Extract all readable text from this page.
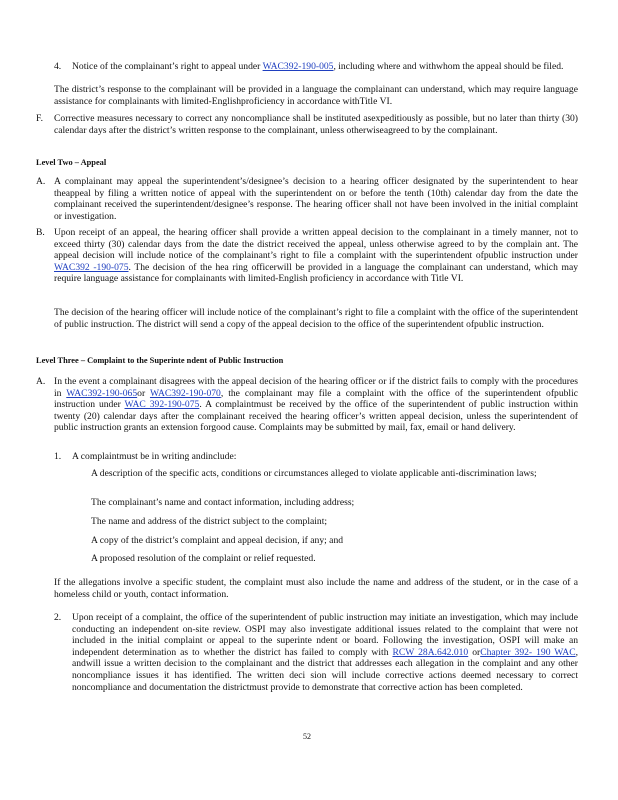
4. Notice of the complainant’s right to appeal under WAC392-190-005, including where and withwhom the appeal should be filed.

The district’s response to the complainant will be provided in a language the complainant can understand, which may require language assistance for complainants with limited-Englishproficiency in accordance withTitle VI.

F. Corrective measures necessary to correct any noncompliance shall be instituted asexpeditiously as possible, but no later than thirty (30) calendar days after the district’s written response to the complainant, unless otherwiseagreed to by the complainant.

Level Two – Appeal
A. A complainant may appeal the superintendent’s/designee’s decision to a hearing officer designated by the superintendent to hear theappeal by filing a written notice of appeal with the superintendent on or before the tenth (10th) calendar day from the date the complainant received the superintendent/designee’s response. The hearing officer shall not have been involved in the initial complaint or investigation.

B. Upon receipt of an appeal, the hearing officer shall provide a written appeal decision to the complainant in a timely manner, not to exceed thirty (30) calendar days from the date the district received the appeal, unless otherwise agreed to by the complain ant. The appeal decision will include notice of the complainant’s right to file a complaint with the superintendent ofpublic instruction under WAC392 -190-075. The decision of the hea ring officerwill be provided in a language the complainant can understand, which may require language assistance for complainants with limited-English proficiency in accordance with Title VI.

The decision of the hearing officer will include notice of the complainant’s right to file a complaint with the office of the superintendent of public instruction. The district will send a copy of the appeal decision to the office of the superintendent ofpublic instruction.

Level Three – Complaint to the Superinte ndent of Public Instruction
A. In the event a complainant disagrees with the appeal decision of the hearing officer or if the district fails to comply with the procedures in WAC392-190-065or WAC392-190-070, the complainant may file a complaint with the office of the superintendent ofpublic instruction under WAC 392-190-075. A complaintmust be received by the office of the superintendent of public instruction within twenty (20) calendar days after the complainant received the hearing officer’s written appeal decision, unless the superintendent of public instruction grants an extension forgood cause. Complaints may be submitted by mail, fax, email or hand delivery.

1. A complaintmust be in writing andinclude:

A description of the specific acts, conditions or circumstances alleged to violate applicable anti-discrimination laws;
The complainant’s name and contact information, including address;
The name and address of the district subject to the complaint;
A copy of the district’s complaint and appeal decision, if any; and
A proposed resolution of the complaint or relief requested.

If the allegations involve a specific student, the complaint must also include the name and address of the student, or in the case of a homeless child or youth, contact information.

2. Upon receipt of a complaint, the office of the superintendent of public instruction may initiate an investigation, which may include conducting an independent on-site review. OSPI may also investigate additional issues related to the complaint that were not included in the initial complaint or appeal to the superinte ndent or board. Following the investigation, OSPI will make an independent determination as to whether the district has failed to comply with RCW 28A.642.010 orChapter 392- 190 WAC, andwill issue a written decision to the complainant and the district that addresses each allegation in the complaint and any other noncompliance issues it has identified. The written deci sion will include corrective actions deemed necessary to correct noncompliance and documentation the districtmust provide to demonstrate that corrective action has been completed.

52
